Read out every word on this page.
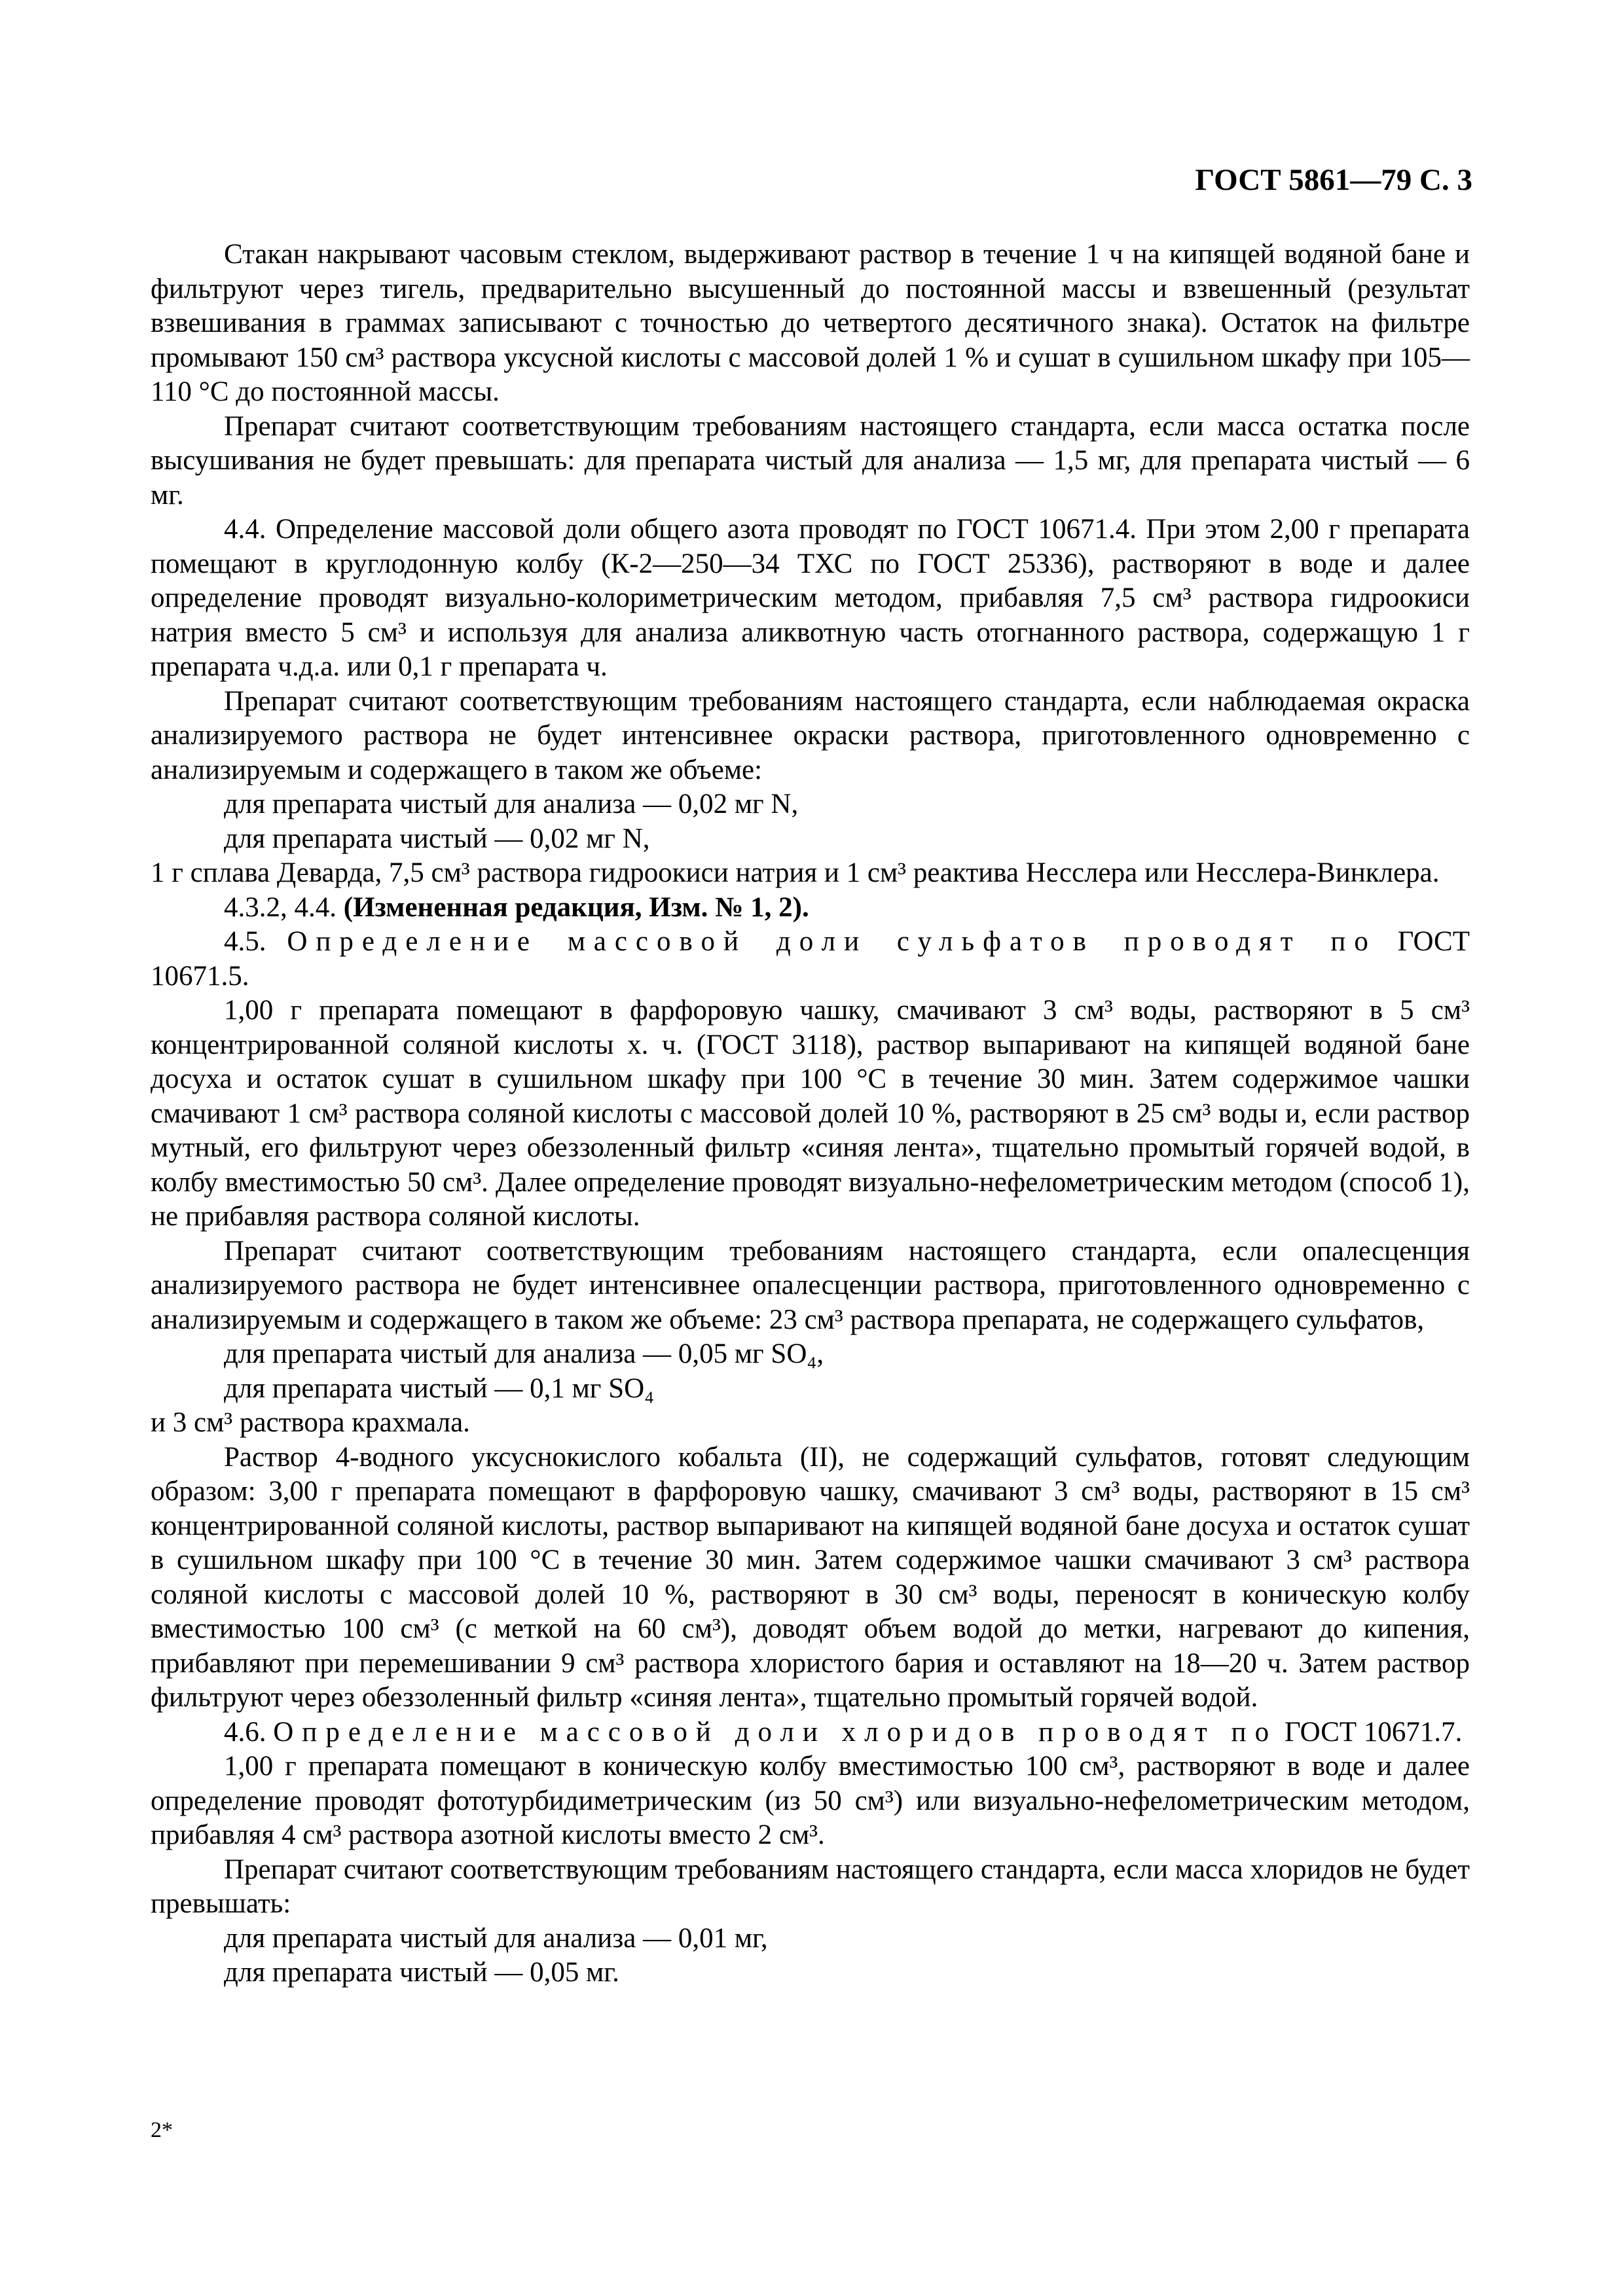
ГОСТ 5861—79 С. 3

Стакан накрывают часовым стеклом, выдерживают раствор в течение 1 ч на кипящей водяной бане и фильтруют через тигель, предварительно высушенный до постоянной массы и взвешенный (результат взвешивания в граммах записывают с точностью до четвертого десятичного знака). Остаток на фильтре промывают 150 см³ раствора уксусной кислоты с массовой долей 1 % и сушат в сушильном шкафу при 105—110 °С до постоянной массы.

Препарат считают соответствующим требованиям настоящего стандарта, если масса остатка после высушивания не будет превышать: для препарата чистый для анализа — 1,5 мг, для препарата чистый — 6 мг.

4.4. Определение массовой доли общего азота проводят по ГОСТ 10671.4. При этом 2,00 г препарата помещают в круглодонную колбу (К-2—250—34 ТХС по ГОСТ 25336), растворяют в воде и далее определение проводят визуально-колориметрическим методом, прибавляя 7,5 см³ раствора гидроокиси натрия вместо 5 см³ и используя для анализа аликвотную часть отогнанного раствора, содержащую 1 г препарата ч.д.а. или 0,1 г препарата ч.

Препарат считают соответствующим требованиям настоящего стандарта, если наблюдаемая окраска анализируемого раствора не будет интенсивнее окраски раствора, приготовленного одновременно с анализируемым и содержащего в таком же объеме:

для препарата чистый для анализа — 0,02 мг N,

для препарата чистый — 0,02 мг N,

1 г сплава Деварда, 7,5 см³ раствора гидроокиси натрия и 1 см³ реактива Несслера или Несслера-Винклера.

4.3.2, 4.4. (Измененная редакция, Изм. № 1, 2).

4.5. Определение массовой доли сульфатов проводят по ГОСТ 10671.5.

1,00 г препарата помещают в фарфоровую чашку, смачивают 3 см³ воды, растворяют в 5 см³ концентрированной соляной кислоты х. ч. (ГОСТ 3118), раствор выпаривают на кипящей водяной бане досуха и остаток сушат в сушильном шкафу при 100 °С в течение 30 мин. Затем содержимое чашки смачивают 1 см³ раствора соляной кислоты с массовой долей 10 %, растворяют в 25 см³ воды и, если раствор мутный, его фильтруют через обеззоленный фильтр «синяя лента», тщательно промытый горячей водой, в колбу вместимостью 50 см³. Далее определение проводят визуально-нефелометрическим методом (способ 1), не прибавляя раствора соляной кислоты.

Препарат считают соответствующим требованиям настоящего стандарта, если опалесценция анализируемого раствора не будет интенсивнее опалесценции раствора, приготовленного одновременно с анализируемым и содержащего в таком же объеме: 23 см³ раствора препарата, не содержащего сульфатов,

для препарата чистый для анализа — 0,05 мг SO₄,

для препарата чистый — 0,1 мг SO₄

и 3 см³ раствора крахмала.

Раствор 4-водного уксуснокислого кобальта (II), не содержащий сульфатов, готовят следующим образом: 3,00 г препарата помещают в фарфоровую чашку, смачивают 3 см³ воды, растворяют в 15 см³ концентрированной соляной кислоты, раствор выпаривают на кипящей водяной бане досуха и остаток сушат в сушильном шкафу при 100 °С в течение 30 мин. Затем содержимое чашки смачивают 3 см³ раствора соляной кислоты с массовой долей 10 %, растворяют в 30 см³ воды, переносят в коническую колбу вместимостью 100 см³ (с меткой на 60 см³), доводят объем водой до метки, нагревают до кипения, прибавляют при перемешивании 9 см³ раствора хлористого бария и оставляют на 18—20 ч. Затем раствор фильтруют через обеззоленный фильтр «синяя лента», тщательно промытый горячей водой.

4.6. Определение массовой доли хлоридов проводят по ГОСТ 10671.7.

1,00 г препарата помещают в коническую колбу вместимостью 100 см³, растворяют в воде и далее определение проводят фототурбидиметрическим (из 50 см³) или визуально-нефелометрическим методом, прибавляя 4 см³ раствора азотной кислоты вместо 2 см³.

Препарат считают соответствующим требованиям настоящего стандарта, если масса хлоридов не будет превышать:

для препарата чистый для анализа — 0,01 мг,

для препарата чистый — 0,05 мг.

2*
